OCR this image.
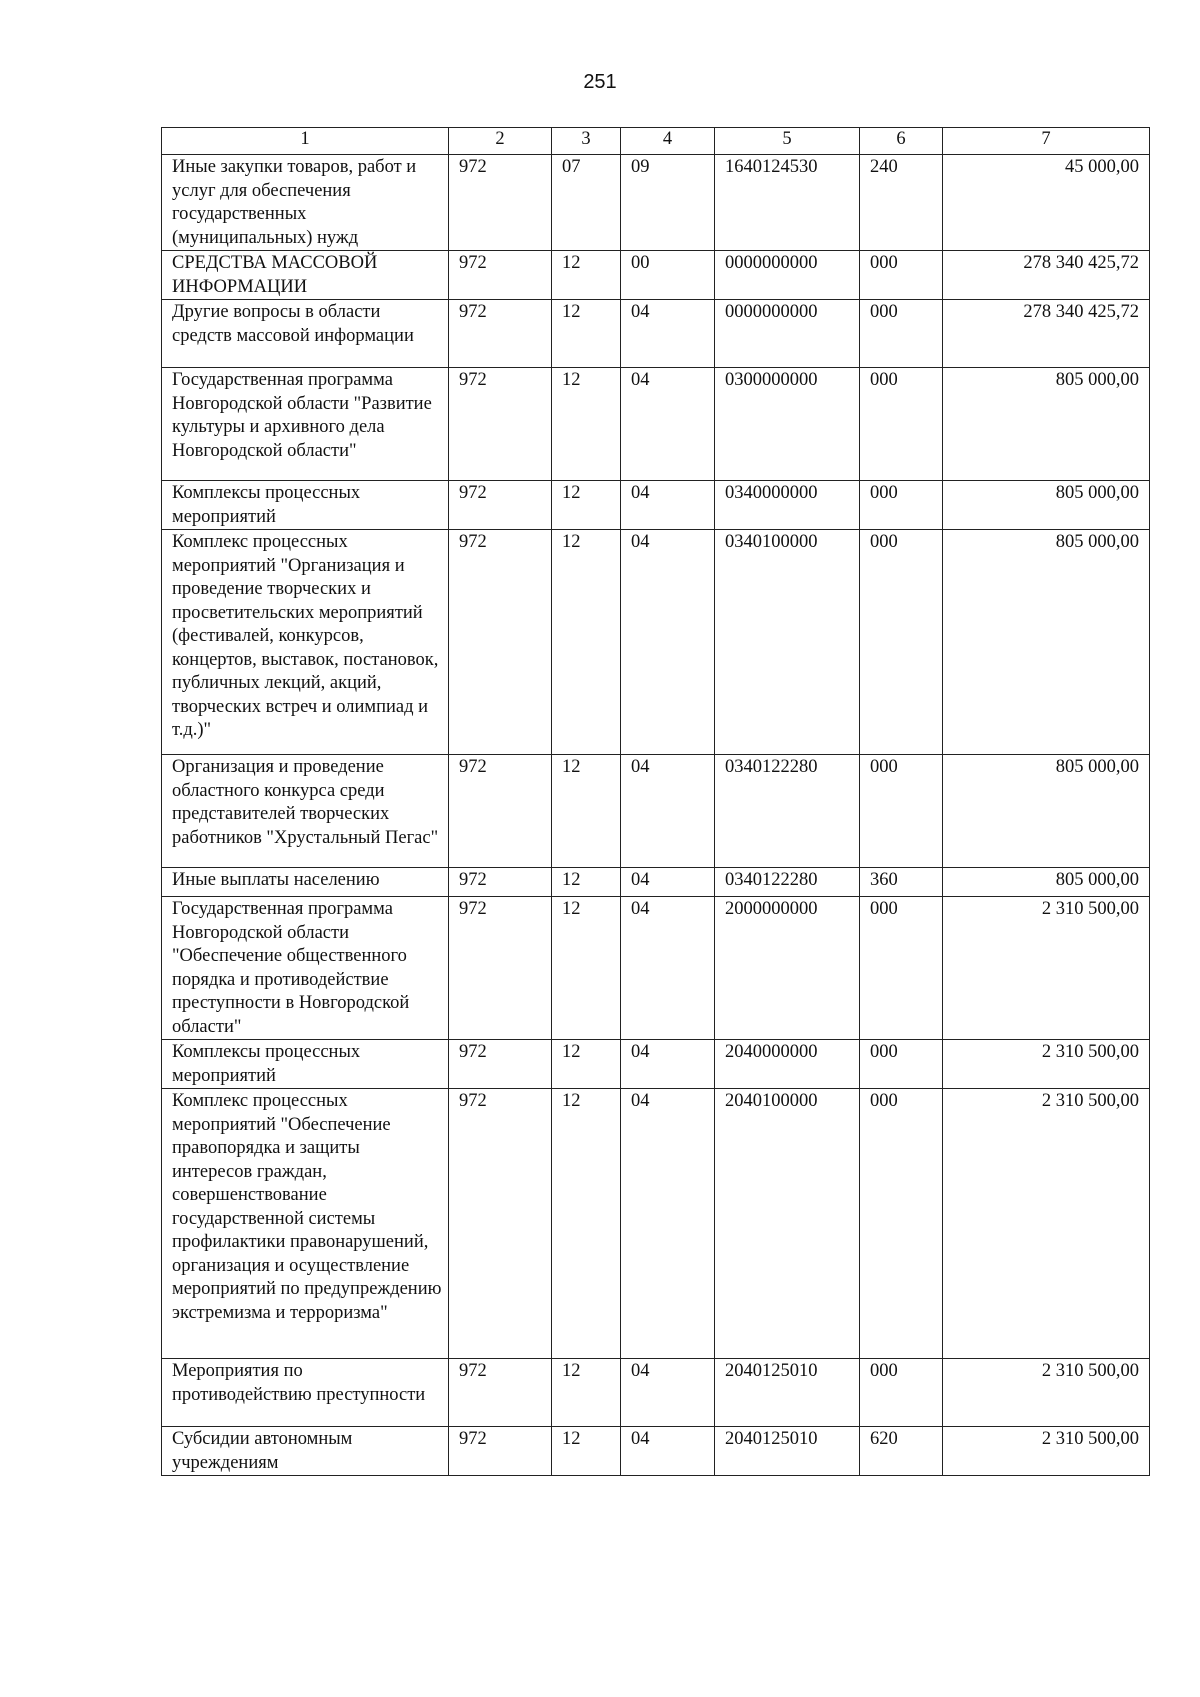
251
1	2	3	4	5	6	7
Иные закупки товаров, работ и услуг для обеспечения государственных (муниципальных) нужд	972	07	09	1640124530	240	45 000,00
СРЕДСТВА МАССОВОЙ ИНФОРМАЦИИ	972	12	00	0000000000	000	278 340 425,72
Другие вопросы в области средств массовой информации	972	12	04	0000000000	000	278 340 425,72
Государственная программа Новгородской области "Развитие культуры и архивного дела Новгородской области"	972	12	04	0300000000	000	805 000,00
Комплексы процессных мероприятий	972	12	04	0340000000	000	805 000,00
Комплекс процессных мероприятий "Организация и проведение творческих и просветительских мероприятий (фестивалей, конкурсов, концертов, выставок, постановок, публичных лекций, акций, творческих встреч и олимпиад и т.д.)"	972	12	04	0340100000	000	805 000,00
Организация и проведение областного конкурса среди представителей творческих работников "Хрустальный Пегас"	972	12	04	0340122280	000	805 000,00
Иные выплаты населению	972	12	04	0340122280	360	805 000,00
Государственная программа Новгородской области "Обеспечение общественного порядка и противодействие преступности в Новгородской области"	972	12	04	2000000000	000	2 310 500,00
Комплексы процессных мероприятий	972	12	04	2040000000	000	2 310 500,00
Комплекс процессных мероприятий "Обеспечение правопорядка и защиты интересов граждан, совершенствование государственной системы профилактики правонарушений, организация и осуществление мероприятий по предупреждению экстремизма и терроризма"	972	12	04	2040100000	000	2 310 500,00
Мероприятия по противодействию преступности	972	12	04	2040125010	000	2 310 500,00
Субсидии автономным учреждениям	972	12	04	2040125010	620	2 310 500,00
